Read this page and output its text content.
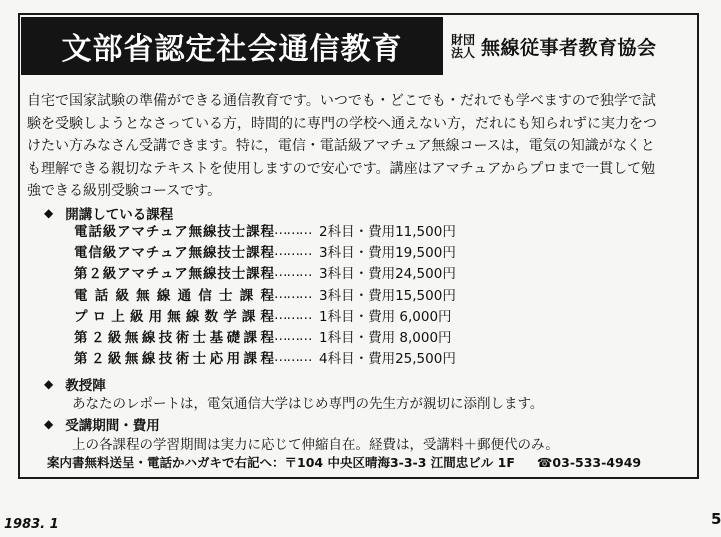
文部省認定社会通信教育	財団
法人 無線従事者教育協会
自宅で国家試験の準備ができる通信教育です。いつでも・どこでも・だれでも学べますので独学で試
験を受験しようとなさっている方，時間的に専門の学校へ通えない方，だれにも知られずに実力をつ
けたい方みなさん受講できます。特に，電信・電話級アマチュア無線コースは，電気の知識がなくと
も理解できる親切なテキストを使用しますので安心です。講座はアマチュアからプロまで一貫して勉
強できる級別受験コースです。
◆ 開講している課程
電話級アマチュア無線技士課程 ……… 2科目・費用11,500円
電信級アマチュア無線技士課程 ……… 3科目・費用19,500円
第２級アマチュア無線技士課程 ……… 3科目・費用24,500円
電話級無線通信士課程 ……… 3科目・費用15,500円
プロ上級用無線数学課程 ……… 1科目・費用 6,000円
第２級無線技術士基礎課程 ……… 1科目・費用 8,000円
第２級無線技術士応用課程 ……… 4科目・費用25,500円
◆ 教授陣
あなたのレポートは，電気通信大学はじめ専門の先生方が親切に添削します。
◆ 受講期間・費用
上の各課程の学習期間は実力に応じて伸縮自在。経費は，受講料＋郵便代のみ。
案内書無料送呈・電話かハガキで右記へ：〒104 中央区晴海3-3-3 江間忠ビル 1F ☎03-533-4949
1983. 1	5
